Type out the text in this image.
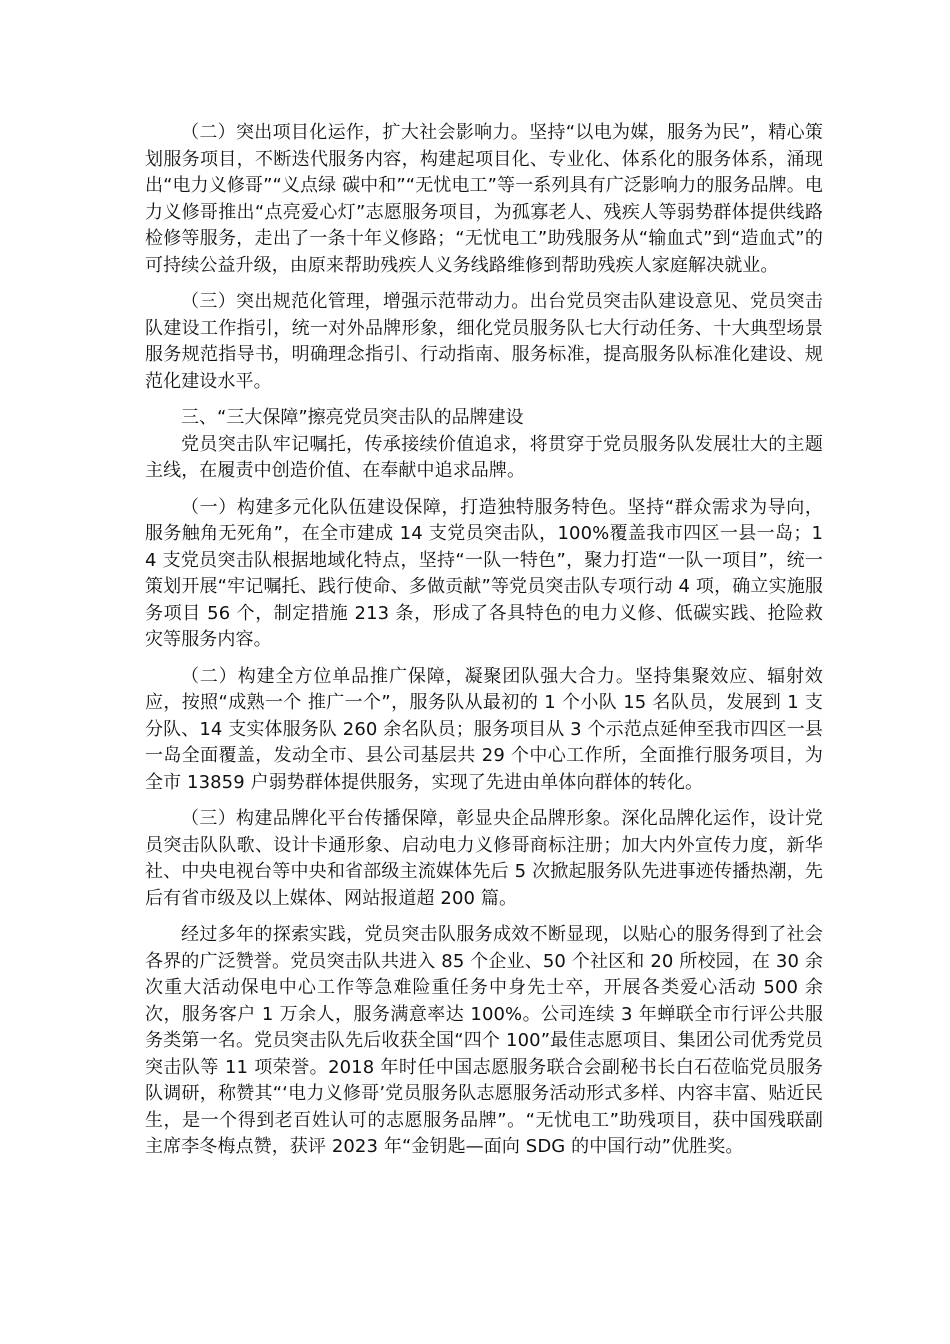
（二）突出项目化运作，扩大社会影响力。坚持“以电为媒，服务为民”，精心策划服务项目，不断迭代服务内容，构建起项目化、专业化、体系化的服务体系，涌现出“电力义修哥”“义点绿 碳中和”“无忧电工”等一系列具有广泛影响力的服务品牌。电力义修哥推出“点亮爱心灯”志愿服务项目，为孤寡老人、残疾人等弱势群体提供线路检修等服务，走出了一条十年义修路；“无忧电工”助残服务从“输血式”到“造血式”的可持续公益升级，由原来帮助残疾人义务线路维修到帮助残疾人家庭解决就业。

（三）突出规范化管理，增强示范带动力。出台党员突击队建设意见、党员突击队建设工作指引，统一对外品牌形象，细化党员服务队七大行动任务、十大典型场景服务规范指导书，明确理念指引、行动指南、服务标准，提高服务队标准化建设、规范化建设水平。

三、“三大保障”擦亮党员突击队的品牌建设

党员突击队牢记嘱托，传承接续价值追求，将贯穿于党员服务队发展壮大的主题主线，在履责中创造价值、在奉献中追求品牌。

（一）构建多元化队伍建设保障，打造独特服务特色。坚持“群众需求为导向，服务触角无死角”，在全市建成 14 支党员突击队，100%覆盖我市四区一县一岛；14 支党员突击队根据地域化特点，坚持“一队一特色”，聚力打造“一队一项目”，统一策划开展“牢记嘱托、践行使命、多做贡献”等党员突击队专项行动 4 项，确立实施服务项目 56 个，制定措施 213 条，形成了各具特色的电力义修、低碳实践、抢险救灾等服务内容。

（二）构建全方位单品推广保障，凝聚团队强大合力。坚持集聚效应、辐射效应，按照“成熟一个 推广一个”，服务队从最初的 1 个小队 15 名队员，发展到 1 支分队、14 支实体服务队 260 余名队员；服务项目从 3 个示范点延伸至我市四区一县一岛全面覆盖，发动全市、县公司基层共 29 个中心工作所，全面推行服务项目，为全市 13859 户弱势群体提供服务，实现了先进由单体向群体的转化。

（三）构建品牌化平台传播保障，彰显央企品牌形象。深化品牌化运作，设计党员突击队队歌、设计卡通形象、启动电力义修哥商标注册；加大内外宣传力度，新华社、中央电视台等中央和省部级主流媒体先后 5 次掀起服务队先进事迹传播热潮，先后有省市级及以上媒体、网站报道超 200 篇。

经过多年的探索实践，党员突击队服务成效不断显现，以贴心的服务得到了社会各界的广泛赞誉。党员突击队共进入 85 个企业、50 个社区和 20 所校园，在 30 余次重大活动保电中心工作等急难险重任务中身先士卒，开展各类爱心活动 500 余次，服务客户 1 万余人，服务满意率达 100%。公司连续 3 年蝉联全市行评公共服务类第一名。党员突击队先后收获全国“四个 100”最佳志愿项目、集团公司优秀党员突击队等 11 项荣誉。2018 年时任中国志愿服务联合会副秘书长白石莅临党员服务队调研，称赞其“‘电力义修哥’党员服务队志愿服务活动形式多样、内容丰富、贴近民生，是一个得到老百姓认可的志愿服务品牌”。“无忧电工”助残项目，获中国残联副主席李冬梅点赞，获评 2023 年“金钥匙—面向 SDG 的中国行动”优胜奖。
